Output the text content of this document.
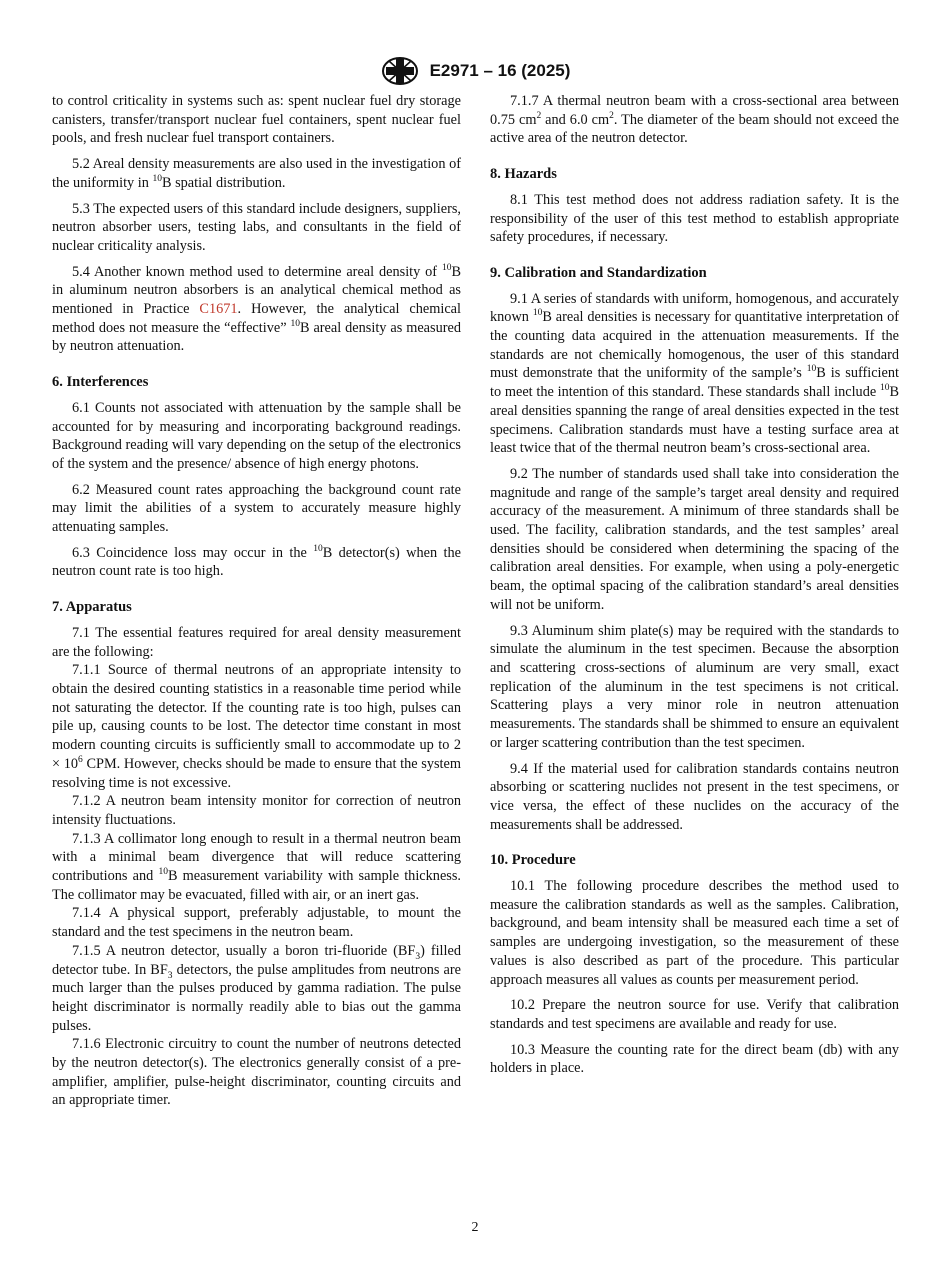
E2971 – 16 (2025)

to control criticality in systems such as: spent nuclear fuel dry storage canisters, transfer/transport nuclear fuel containers, spent nuclear fuel pools, and fresh nuclear fuel transport containers.

5.2 Areal density measurements are also used in the investigation of the uniformity in $^{10}$B spatial distribution.

5.3 The expected users of this standard include designers, suppliers, neutron absorber users, testing labs, and consultants in the field of nuclear criticality analysis.

5.4 Another known method used to determine areal density of $^{10}$B in aluminum neutron absorbers is an analytical chemical method as mentioned in Practice C1671. However, the analytical chemical method does not measure the “effective” $^{10}$B areal density as measured by neutron attenuation.

6. Interferences

6.1 Counts not associated with attenuation by the sample shall be accounted for by measuring and incorporating background readings. Background reading will vary depending on the setup of the electronics of the system and the presence/ absence of high energy photons.

6.2 Measured count rates approaching the background count rate may limit the abilities of a system to accurately measure highly attenuating samples.

6.3 Coincidence loss may occur in the $^{10}$B detector(s) when the neutron count rate is too high.

7. Apparatus

7.1 The essential features required for areal density measurement are the following:

7.1.1 Source of thermal neutrons of an appropriate intensity to obtain the desired counting statistics in a reasonable time period while not saturating the detector. If the counting rate is too high, pulses can pile up, causing counts to be lost. The detector time constant in most modern counting circuits is sufficiently small to accommodate up to $2 \times 10^6$ CPM. However, checks should be made to ensure that the system resolving time is not excessive.

7.1.2 A neutron beam intensity monitor for correction of neutron intensity fluctuations.

7.1.3 A collimator long enough to result in a thermal neutron beam with a minimal beam divergence that will reduce scattering contributions and $^{10}$B measurement variability with sample thickness. The collimator may be evacuated, filled with air, or an inert gas.

7.1.4 A physical support, preferably adjustable, to mount the standard and the test specimens in the neutron beam.

7.1.5 A neutron detector, usually a boron tri-fluoride $(BF_3)$ filled detector tube. In $BF_3$ detectors, the pulse amplitudes from neutrons are much larger than the pulses produced by gamma radiation. The pulse height discriminator is normally readily able to bias out the gamma pulses.

7.1.6 Electronic circuitry to count the number of neutrons detected by the neutron detector(s). The electronics generally consist of a pre-amplifier, amplifier, pulse-height discriminator, counting circuits and an appropriate timer.

7.1.7 A thermal neutron beam with a cross-sectional area between 0.75 $cm^2$ and 6.0 $cm^2$. The diameter of the beam should not exceed the active area of the neutron detector.

8. Hazards

8.1 This test method does not address radiation safety. It is the responsibility of the user of this test method to establish appropriate safety procedures, if necessary.

9. Calibration and Standardization

9.1 A series of standards with uniform, homogenous, and accurately known $^{10}$B areal densities is necessary for quantitative interpretation of the counting data acquired in the attenuation measurements. If the standards are not chemically homogenous, the user of this standard must demonstrate that the uniformity of the sample’s $^{10}$B is sufficient to meet the intention of this standard. These standards shall include $^{10}$B areal densities spanning the range of areal densities expected in the test specimens. Calibration standards must have a testing surface area at least twice that of the thermal neutron beam’s cross-sectional area.

9.2 The number of standards used shall take into consideration the magnitude and range of the sample’s target areal density and required accuracy of the measurement. A minimum of three standards shall be used. The facility, calibration standards, and the test samples’ areal densities should be considered when determining the spacing of the calibration areal densities. For example, when using a poly-energetic beam, the optimal spacing of the calibration standard’s areal densities will not be uniform.

9.3 Aluminum shim plate(s) may be required with the standards to simulate the aluminum in the test specimen. Because the absorption and scattering cross-sections of aluminum are very small, exact replication of the aluminum in the test specimens is not critical. Scattering plays a very minor role in neutron attenuation measurements. The standards shall be shimmed to ensure an equivalent or larger scattering contribution than the test specimen.

9.4 If the material used for calibration standards contains neutron absorbing or scattering nuclides not present in the test specimens, or vice versa, the effect of these nuclides on the accuracy of the measurements shall be addressed.

10. Procedure

10.1 The following procedure describes the method used to measure the calibration standards as well as the samples. Calibration, background, and beam intensity shall be measured each time a set of samples are undergoing investigation, so the measurement of these values is also described as part of the procedure. This particular approach measures all values as counts per measurement period.

10.2 Prepare the neutron source for use. Verify that calibration standards and test specimens are available and ready for use.

10.3 Measure the counting rate for the direct beam (db) with any holders in place.

2
